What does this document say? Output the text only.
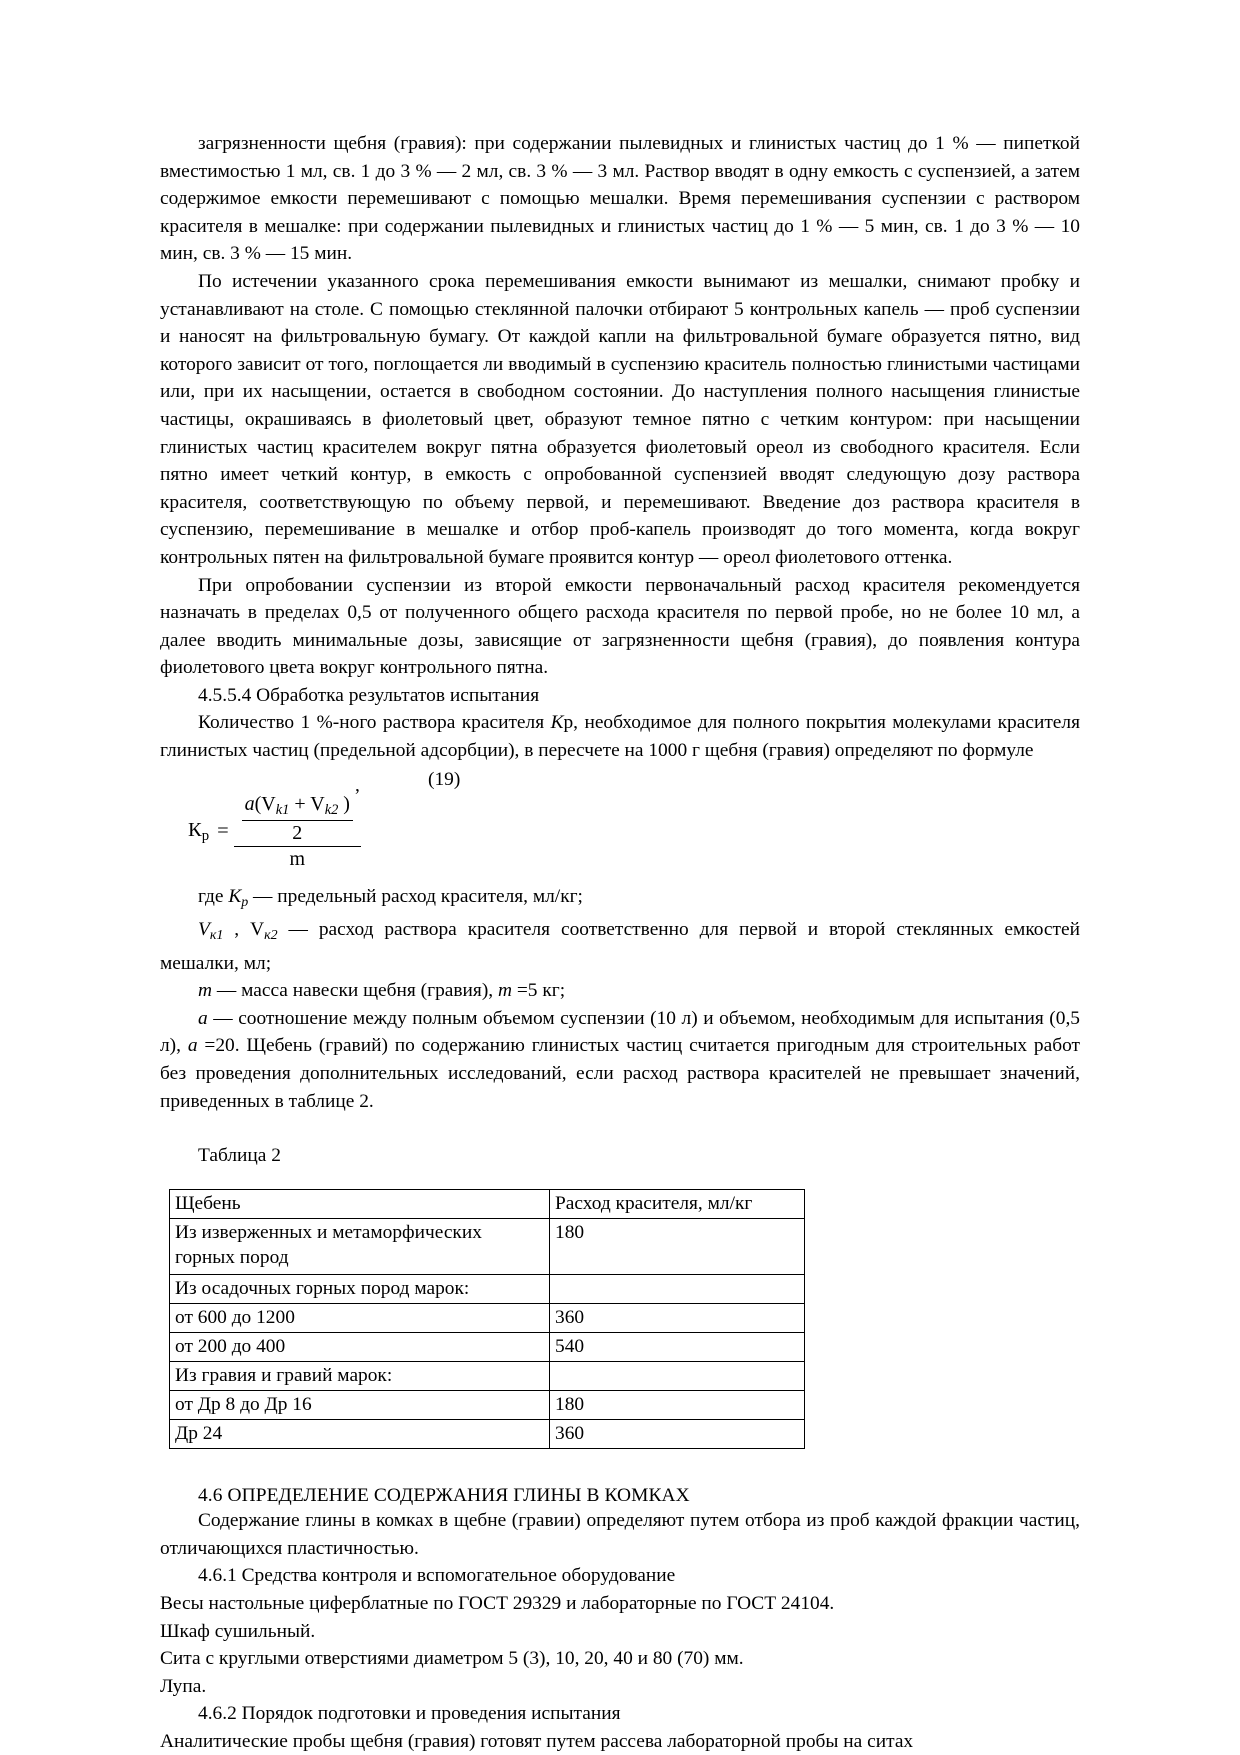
загрязненности щебня (гравия): при содержании пылевидных и глинистых частиц до 1 % — пипеткой вместимостью 1 мл, св. 1 до 3 % — 2 мл, св. 3 % — 3 мл. Раствор вводят в одну емкость с суспензией, а затем содержимое емкости перемешивают с помощью мешалки. Время перемешивания суспензии с раствором красителя в мешалке: при содержании пылевидных и глинистых частиц до 1 % — 5 мин, св. 1 до 3 % — 10 мин, св. 3 % — 15 мин.

По истечении указанного срока перемешивания емкости вынимают из мешалки, снимают пробку и устанавливают на столе. С помощью стеклянной палочки отбирают 5 контрольных капель — проб суспензии и наносят на фильтровальную бумагу. От каждой капли на фильтровальной бумаге образуется пятно, вид которого зависит от того, поглощается ли вводимый в суспензию краситель полностью глинистыми частицами или, при их насыщении, остается в свободном состоянии. До наступления полного насыщения глинистые частицы, окрашиваясь в фиолетовый цвет, образуют темное пятно с четким контуром: при насыщении глинистых частиц красителем вокруг пятна образуется фиолетовый ореол из свободного красителя. Если пятно имеет четкий контур, в емкость с опробованной суспензией вводят следующую дозу раствора красителя, соответствующую по объему первой, и перемешивают. Введение доз раствора красителя в суспензию, перемешивание в мешалке и отбор проб-капель производят до того момента, когда вокруг контрольных пятен на фильтровальной бумаге проявится контур — ореол фиолетового оттенка.

При опробовании суспензии из второй емкости первоначальный расход красителя рекомендуется назначать в пределах 0,5 от полученного общего расхода красителя по первой пробе, но не более 10 мл, а далее вводить минимальные дозы, зависящие от загрязненности щебня (гравия), до появления контура фиолетового цвета вокруг контрольного пятна.

4.5.5.4 Обработка результатов испытания

Количество 1 %-ного раствора красителя Кр, необходимое для полного покрытия молекулами красителя глинистых частиц (предельной адсорбции), в пересчете на 1000 г щебня (гравия) определяют по формуле

,	(19)
$К_р = \frac{\frac{a(V_{k1} + V_{k2} )}{2}}{m}$

где $К_р$ — предельный расход красителя, мл/кг;

$V_{к1}$ , $V_{к2}$ — расход раствора красителя соответственно для первой и второй стеклянных емкостей мешалки, мл;

m — масса навески щебня (гравия), m =5 кг;

a — соотношение между полным объемом суспензии (10 л) и объемом, необходимым для испытания (0,5 л), a =20. Щебень (гравий) по содержанию глинистых частиц считается пригодным для строительных работ без проведения дополнительных исследований, если расход раствора красителей не превышает значений, приведенных в таблице 2.

Таблица 2
Щебень	Расход красителя, мл/кг
Из изверженных и метаморфических горных пород	180
Из осадочных горных пород марок:	
от 600 до 1200	360
от 200 до 400	540
Из гравия и гравий марок:	
от Др 8 до Др 16	180
Др 24	360
4.6 ОПРЕДЕЛЕНИЕ СОДЕРЖАНИЯ ГЛИНЫ В КОМКАХ

Содержание глины в комках в щебне (гравии) определяют путем отбора из проб каждой фракции частиц, отличающихся пластичностью.

4.6.1 Средства контроля и вспомогательное оборудование

Весы настольные циферблатные по ГОСТ 29329 и лабораторные по ГОСТ 24104.

Шкаф сушильный.

Сита с круглыми отверстиями диаметром 5 (3), 10, 20, 40 и 80 (70) мм.

Лупа.

4.6.2 Порядок подготовки и проведения испытания

Аналитические пробы щебня (гравия) готовят путем рассева лабораторной пробы на ситах
